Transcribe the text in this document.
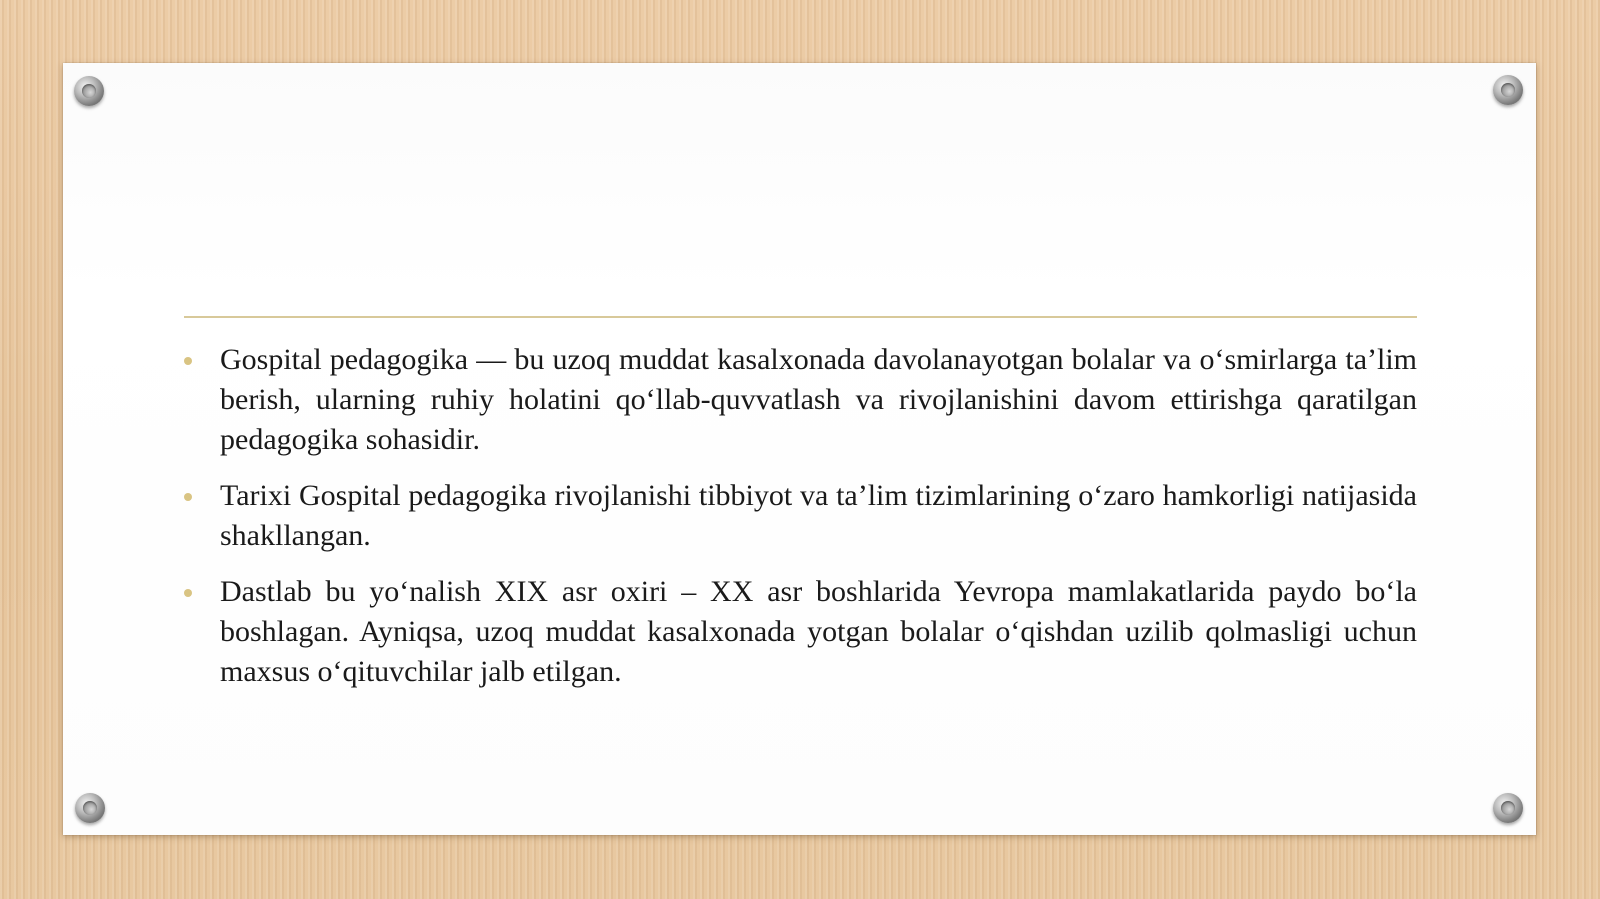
Gospital pedagogika — bu uzoq muddat kasalxonada davolanayotgan bolalar va o‘smirlarga ta’lim berish, ularning ruhiy holatini qo‘llab-quvvatlash va rivojlanishini davom ettirishga qaratilgan pedagogika sohasidir.
Tarixi Gospital pedagogika rivojlanishi tibbiyot va ta’lim tizimlarining o‘zaro hamkorligi natijasida shakllangan.
Dastlab bu yo‘nalish XIX asr oxiri – XX asr boshlarida Yevropa mamlakatlarida paydo bo‘la boshlagan. Ayniqsa, uzoq muddat kasalxonada yotgan bolalar o‘qishdan uzilib qolmasligi uchun maxsus o‘qituvchilar jalb etilgan.
